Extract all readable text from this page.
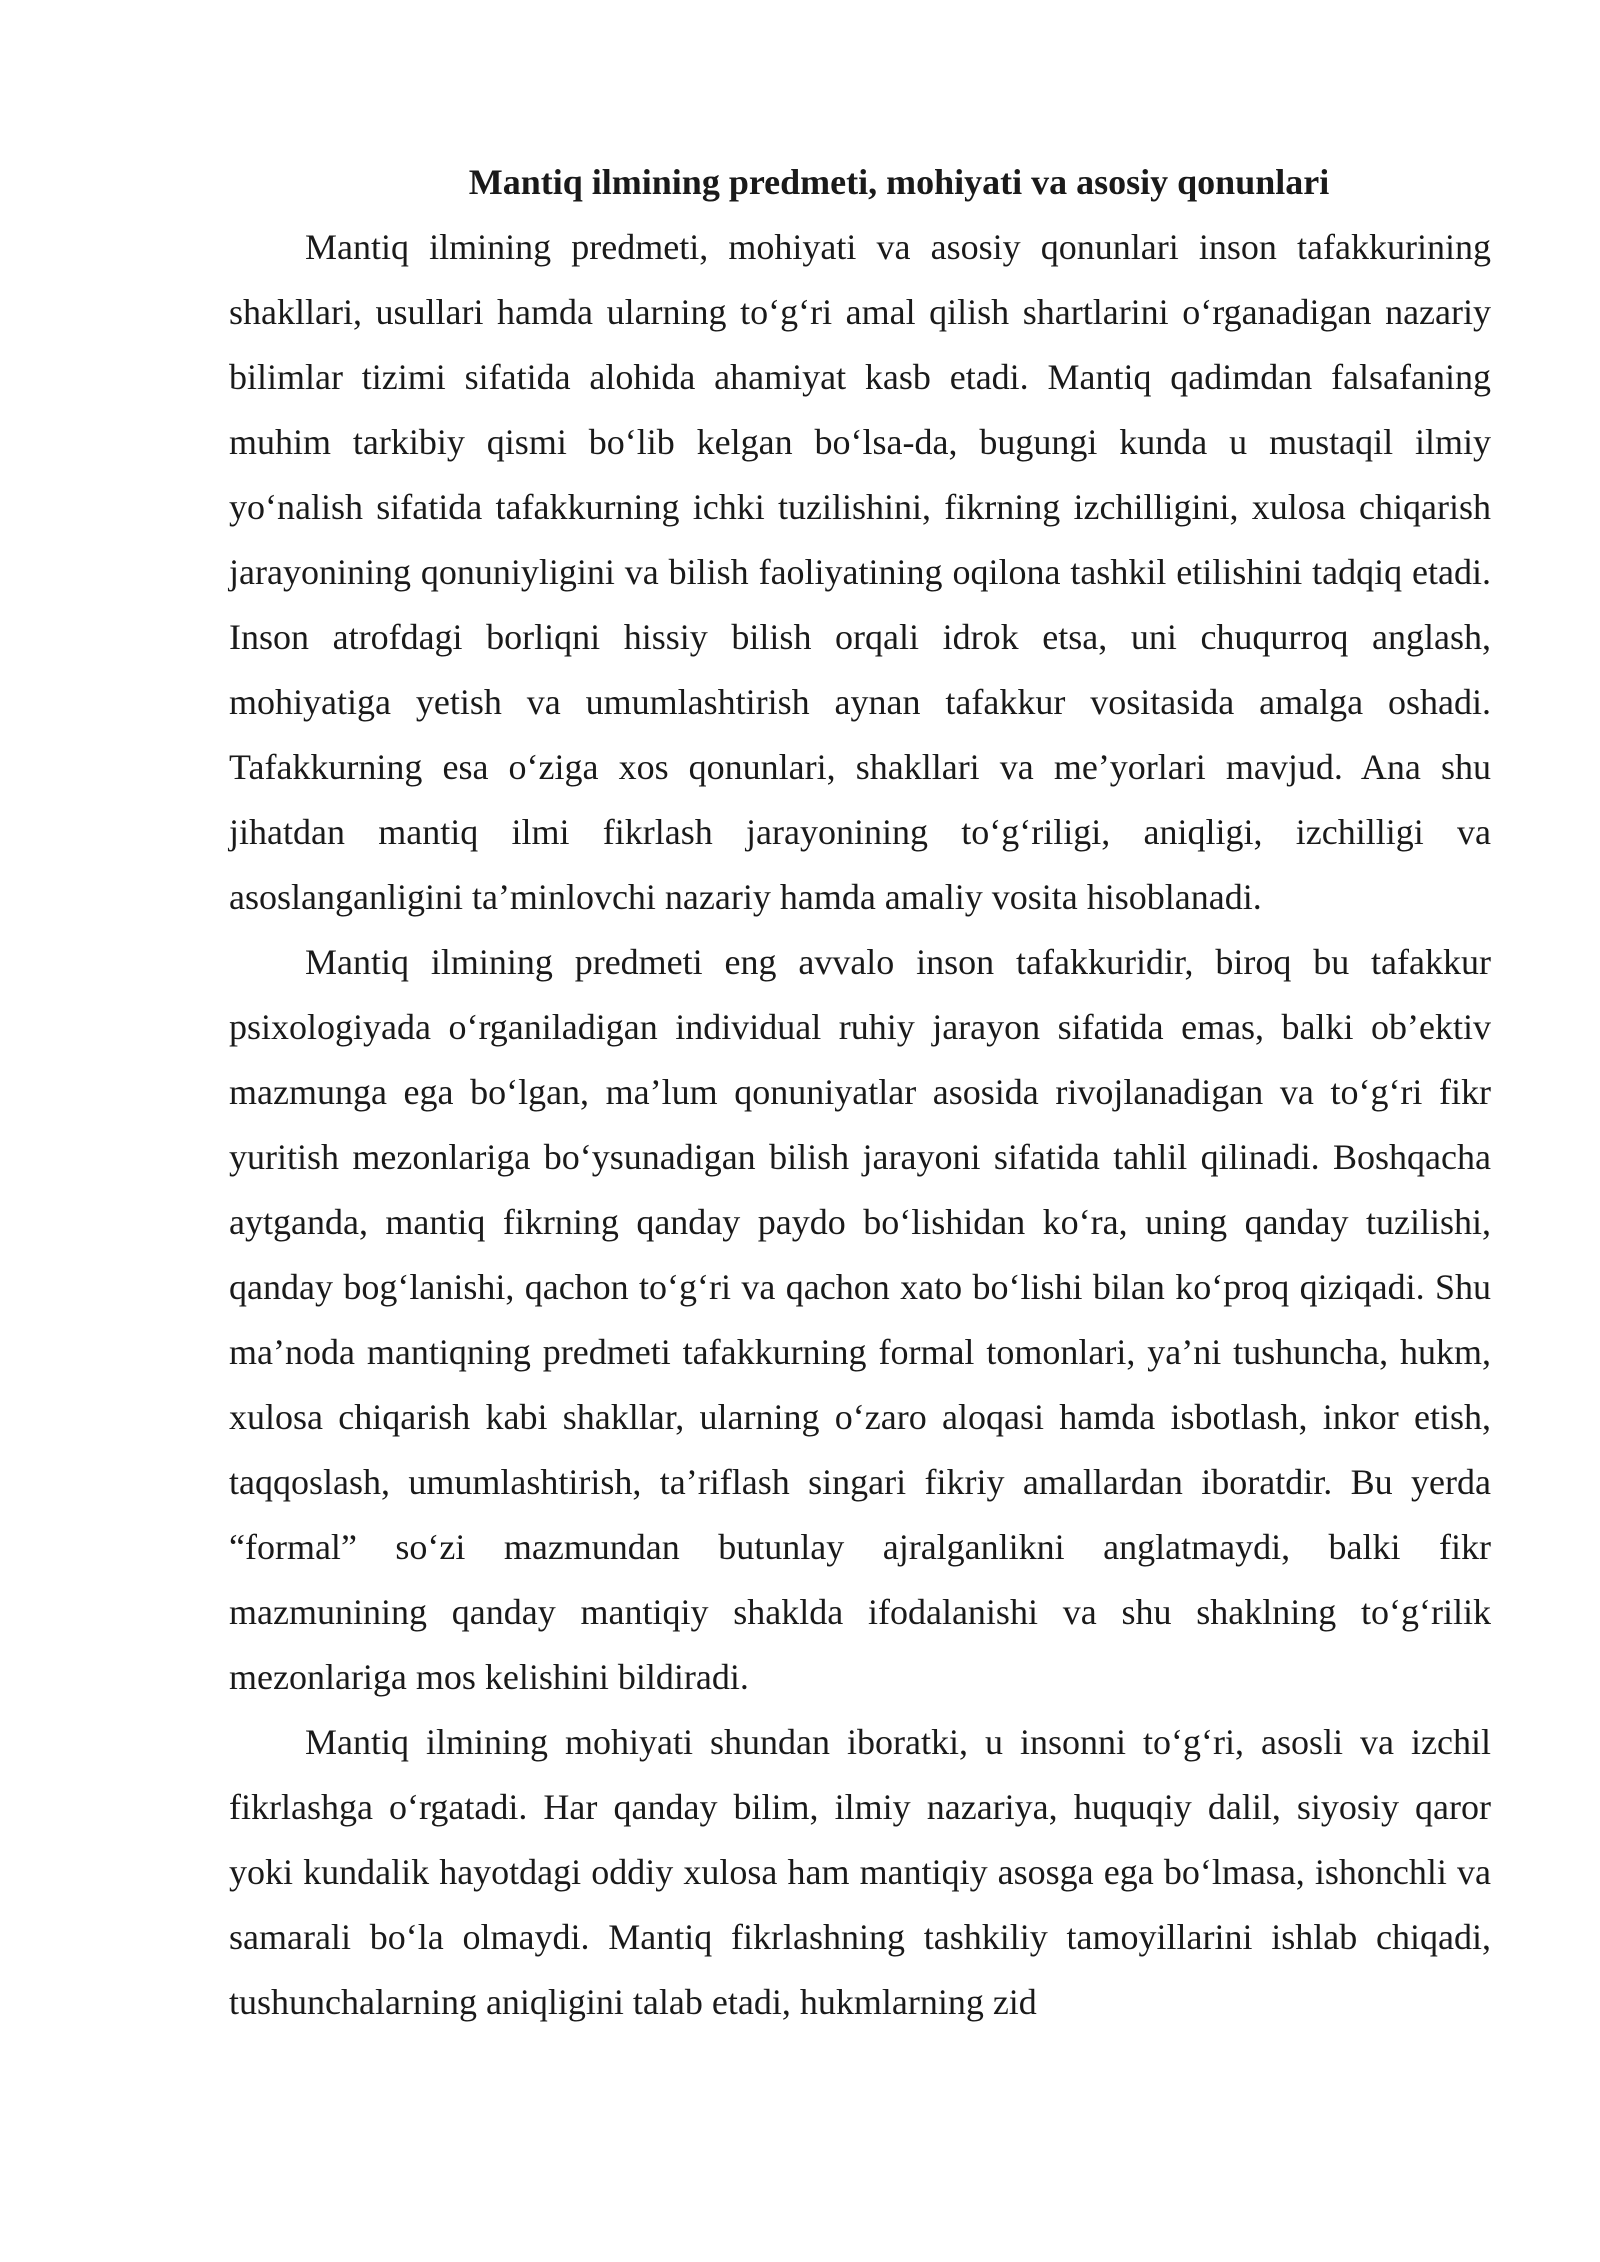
Mantiq ilmining predmeti, mohiyati va asosiy qonunlari

Mantiq ilmining predmeti, mohiyati va asosiy qonunlari inson tafakkurining shakllari, usullari hamda ularning to‘g‘ri amal qilish shartlarini o‘rganadigan nazariy bilimlar tizimi sifatida alohida ahamiyat kasb etadi. Mantiq qadimdan falsafaning muhim tarkibiy qismi bo‘lib kelgan bo‘lsa-da, bugungi kunda u mustaqil ilmiy yo‘nalish sifatida tafakkurning ichki tuzilishini, fikrning izchilligini, xulosa chiqarish jarayonining qonuniyligini va bilish faoliyatining oqilona tashkil etilishini tadqiq etadi. Inson atrofdagi borliqni hissiy bilish orqali idrok etsa, uni chuqurroq anglash, mohiyatiga yetish va umumlashtirish aynan tafakkur vositasida amalga oshadi. Tafakkurning esa o‘ziga xos qonunlari, shakllari va me’yorlari mavjud. Ana shu jihatdan mantiq ilmi fikrlash jarayonining to‘g‘riligi, aniqligi, izchilligi va asoslanganligini ta’minlovchi nazariy hamda amaliy vosita hisoblanadi.

Mantiq ilmining predmeti eng avvalo inson tafakkuridir, biroq bu tafakkur psixologiyada o‘rganiladigan individual ruhiy jarayon sifatida emas, balki ob’ektiv mazmunga ega bo‘lgan, ma’lum qonuniyatlar asosida rivojlanadigan va to‘g‘ri fikr yuritish mezonlariga bo‘ysunadigan bilish jarayoni sifatida tahlil qilinadi. Boshqacha aytganda, mantiq fikrning qanday paydo bo‘lishidan ko‘ra, uning qanday tuzilishi, qanday bog‘lanishi, qachon to‘g‘ri va qachon xato bo‘lishi bilan ko‘proq qiziqadi. Shu ma’noda mantiqning predmeti tafakkurning formal tomonlari, ya’ni tushuncha, hukm, xulosa chiqarish kabi shakllar, ularning o‘zaro aloqasi hamda isbotlash, inkor etish, taqqoslash, umumlashtirish, ta’riflash singari fikriy amallardan iboratdir. Bu yerda “formal” so‘zi mazmundan butunlay ajralganlikni anglatmaydi, balki fikr mazmunining qanday mantiqiy shaklda ifodalanishi va shu shaklning to‘g‘rilik mezonlariga mos kelishini bildiradi.

Mantiq ilmining mohiyati shundan iboratki, u insonni to‘g‘ri, asosli va izchil fikrlashga o‘rgatadi. Har qanday bilim, ilmiy nazariya, huquqiy dalil, siyosiy qaror yoki kundalik hayotdagi oddiy xulosa ham mantiqiy asosga ega bo‘lmasa, ishonchli va samarali bo‘la olmaydi. Mantiq fikrlashning tashkiliy tamoyillarini ishlab chiqadi, tushunchalarning aniqligini talab etadi, hukmlarning zid
